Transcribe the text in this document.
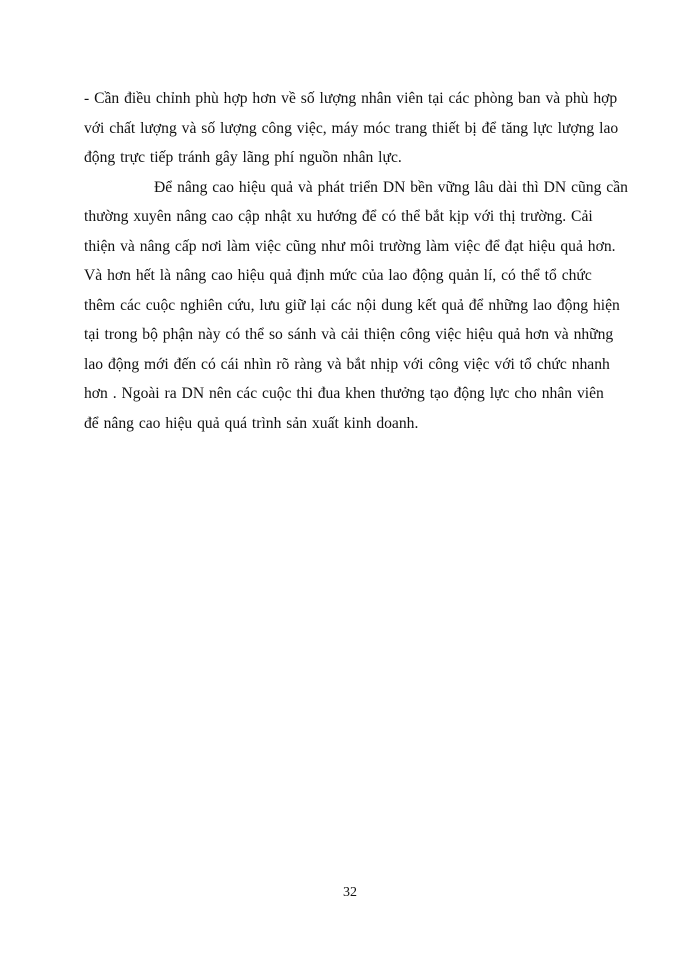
- Cần điều chỉnh phù hợp hơn về số lượng nhân viên tại các phòng ban và phù hợp
với chất lượng và số lượng công việc, máy móc trang thiết bị để tăng lực lượng lao
động trực tiếp tránh gây lãng phí nguồn nhân lực.

Để nâng cao hiệu quả và phát triển DN bền vững lâu dài thì DN cũng cần
thường xuyên nâng cao cập nhật xu hướng để có thể bắt kịp với thị trường. Cải
thiện và nâng cấp nơi làm việc cũng như môi trường làm việc để đạt hiệu quả hơn.
Và hơn hết là nâng cao hiệu quả định mức của lao động quản lí, có thể tổ chức
thêm các cuộc nghiên cứu, lưu giữ lại các nội dung kết quả để những lao động hiện
tại trong bộ phận này có thể so sánh và cải thiện công việc hiệu quả hơn và những
lao động mới đến có cái nhìn rõ ràng và bắt nhịp với công việc với tổ chức nhanh
hơn . Ngoài ra DN nên các cuộc thi đua khen thưởng tạo động lực cho nhân viên
để nâng cao hiệu quả quá trình sản xuất kinh doanh.

32
